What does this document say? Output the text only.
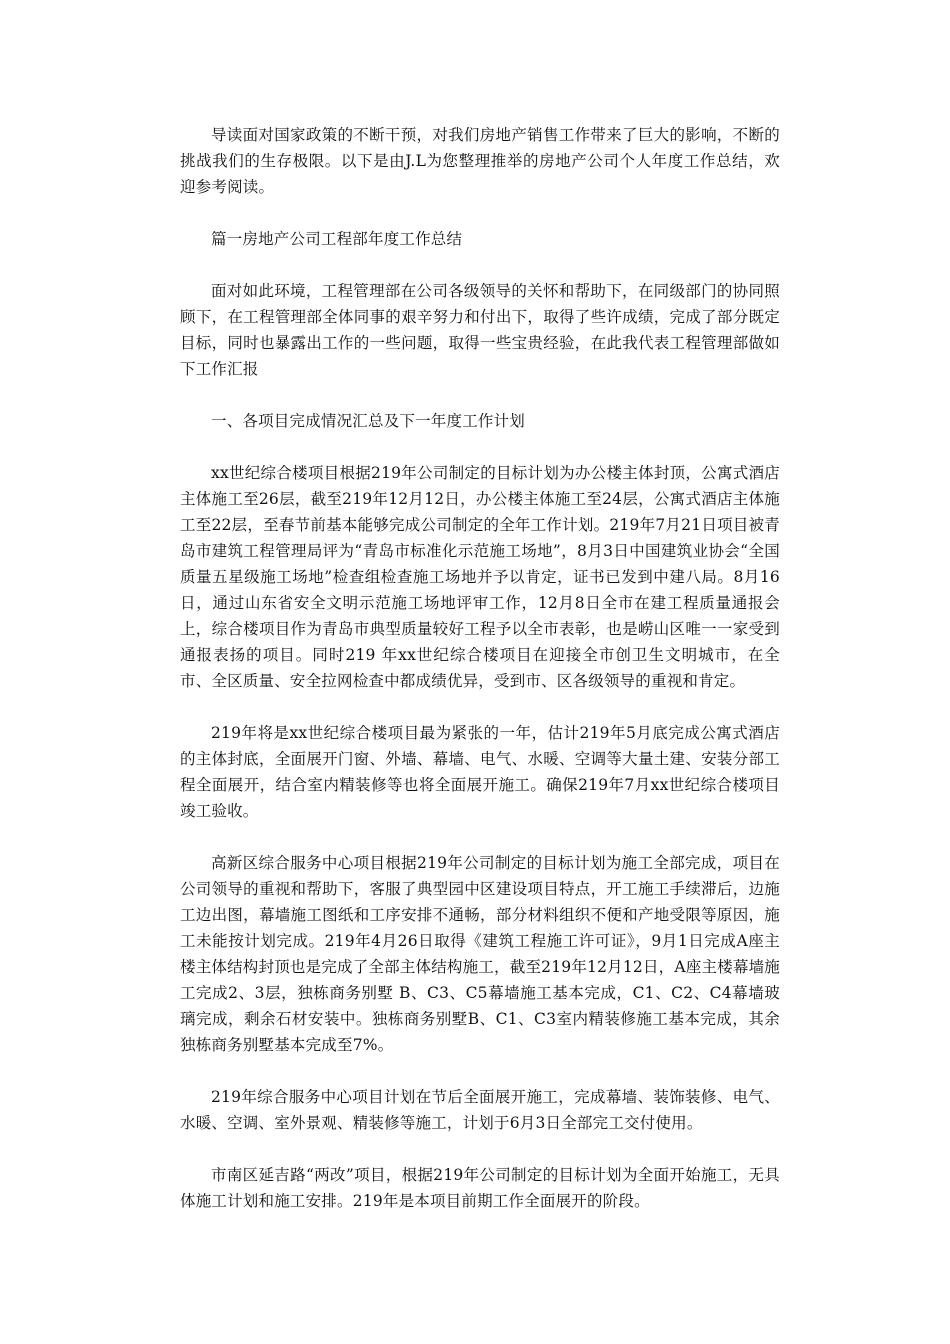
导读面对国家政策的不断干预，对我们房地产销售工作带来了巨大的影响，不断的挑战我们的生存极限。以下是由J.L为您整理推举的房地产公司个人年度工作总结，欢迎参考阅读。

篇一房地产公司工程部年度工作总结

面对如此环境，工程管理部在公司各级领导的关怀和帮助下，在同级部门的协同照顾下，在工程管理部全体同事的艰辛努力和付出下，取得了些许成绩，完成了部分既定目标，同时也暴露出工作的一些问题，取得一些宝贵经验，在此我代表工程管理部做如下工作汇报

一、各项目完成情况汇总及下一年度工作计划

xx世纪综合楼项目根据219年公司制定的目标计划为办公楼主体封顶，公寓式酒店主体施工至26层，截至219年12月12日，办公楼主体施工至24层，公寓式酒店主体施工至22层，至春节前基本能够完成公司制定的全年工作计划。219年7月21日项目被青岛市建筑工程管理局评为“青岛市标准化示范施工场地”，8月3日中国建筑业协会“全国质量五星级施工场地”检查组检查施工场地并予以肯定，证书已发到中建八局。8月16日，通过山东省安全文明示范施工场地评审工作，12月8日全市在建工程质量通报会上，综合楼项目作为青岛市典型质量较好工程予以全市表彰，也是崂山区唯一一家受到通报表扬的项目。同时219 年xx世纪综合楼项目在迎接全市创卫生文明城市，在全市、全区质量、安全拉网检查中都成绩优异，受到市、区各级领导的重视和肯定。

219年将是xx世纪综合楼项目最为紧张的一年，估计219年5月底完成公寓式酒店的主体封底，全面展开门窗、外墙、幕墙、电气、水暖、空调等大量土建、安装分部工程全面展开，结合室内精装修等也将全面展开施工。确保219年7月xx世纪综合楼项目竣工验收。

高新区综合服务中心项目根据219年公司制定的目标计划为施工全部完成，项目在公司领导的重视和帮助下，客服了典型园中区建设项目特点，开工施工手续滞后，边施工边出图，幕墙施工图纸和工序安排不通畅，部分材料组织不便和产地受限等原因，施工未能按计划完成。219年4月26日取得《建筑工程施工许可证》，9月1日完成A座主楼主体结构封顶也是完成了全部主体结构施工，截至219年12月12日，A座主楼幕墙施工完成2、3层，独栋商务别墅 B、C3、C5幕墙施工基本完成，C1、C2、C4幕墙玻璃完成，剩余石材安装中。独栋商务别墅B、C1、C3室内精装修施工基本完成，其余独栋商务别墅基本完成至7%。

219年综合服务中心项目计划在节后全面展开施工，完成幕墙、装饰装修、电气、水暖、空调、室外景观、精装修等施工，计划于6月3日全部完工交付使用。

市南区延吉路“两改”项目，根据219年公司制定的目标计划为全面开始施工，无具体施工计划和施工安排。219年是本项目前期工作全面展开的阶段。
